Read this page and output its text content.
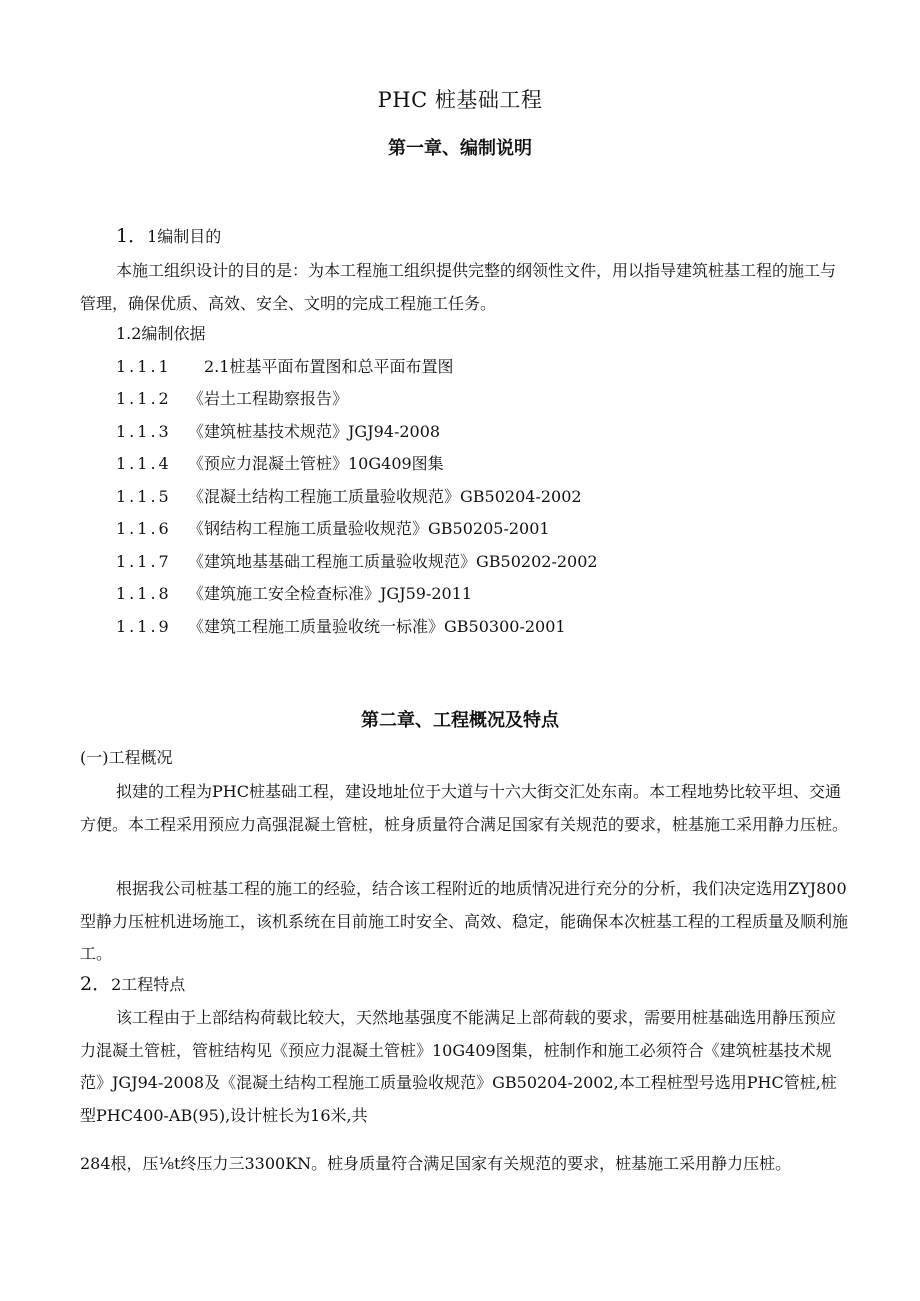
PHC 桩基础工程
第一章、编制说明
1．1编制目的
本施工组织设计的目的是：为本工程施工组织提供完整的纲领性文件，用以指导建筑桩基工程的施工与管理，确保优质、高效、安全、文明的完成工程施工任务。
1.2编制依据
1.1.1　2.1桩基平面布置图和总平面布置图
1.1.2 《岩土工程勘察报告》
1.1.3 《建筑桩基技术规范》JGJ94-2008
1.1.4 《预应力混凝土管桩》10G409图集
1.1.5 《混凝土结构工程施工质量验收规范》GB50204-2002
1.1.6 《钢结构工程施工质量验收规范》GB50205-2001
1.1.7 《建筑地基基础工程施工质量验收规范》GB50202-2002
1.1.8 《建筑施工安全检查标准》JGJ59-2011
1.1.9 《建筑工程施工质量验收统一标准》GB50300-2001
第二章、工程概况及特点
(一)工程概况
拟建的工程为PHC桩基础工程，建设地址位于大道与十六大街交汇处东南。本工程地势比较平坦、交通方便。本工程采用预应力高强混凝土管桩，桩身质量符合满足国家有关规范的要求，桩基施工采用静力压桩。
根据我公司桩基工程的施工的经验，结合该工程附近的地质情况进行充分的分析，我们决定选用ZYJ800型静力压桩机进场施工，该机系统在目前施工时安全、高效、稳定，能确保本次桩基工程的工程质量及顺利施工。
2．2工程特点
该工程由于上部结构荷载比较大，天然地基强度不能满足上部荷载的要求，需要用桩基础选用静压预应力混凝土管桩，管桩结构见《预应力混凝土管桩》10G409图集，桩制作和施工必须符合《建筑桩基技术规范》JGJ94-2008及《混凝土结构工程施工质量验收规范》GB50204-2002,本工程桩型号选用PHC管桩,桩型PHC400-AB(95),设计桩长为16米,共
284根，压⅛t终压力三3300KN。桩身质量符合满足国家有关规范的要求，桩基施工采用静力压桩。
